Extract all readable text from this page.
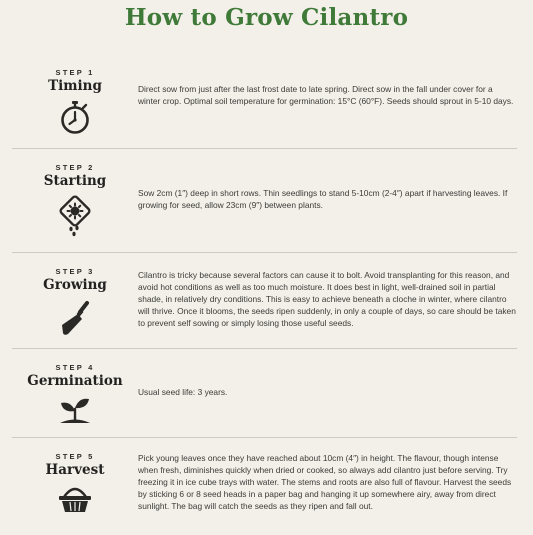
How to Grow Cilantro
STEP 1
Timing	Direct sow from just after the last frost date to late spring. Direct sow in the fall under cover for a winter crop. Optimal soil temperature for germination: 15°C (60°F). Seeds should sprout in 5-10 days.
STEP 2
Starting
Sow 2cm (1″) deep in short rows. Thin seedlings to stand 5-10cm (2-4″) apart if harvesting leaves. If growing for seed, allow 23cm (9″) between plants.
STEP 3
Growing
Cilantro is tricky because several factors can cause it to bolt. Avoid transplanting for this reason, and avoid hot conditions as well as too much moisture. It does best in light, well-drained soil in partial shade, in relatively dry conditions. This is easy to achieve beneath a cloche in winter, where cilantro will thrive. Once it blooms, the seeds ripen suddenly, in only a couple of days, so care should be taken to prevent self sowing or simply losing those useful seeds.
STEP 4
Germination
Usual seed life: 3 years.
STEP 5
Harvest
Pick young leaves once they have reached about 10cm (4″) in height. The flavour, though intense when fresh, diminishes quickly when dried or cooked, so always add cilantro just before serving. Try freezing it in ice cube trays with water. The stems and roots are also full of flavour. Harvest the seeds by sticking 6 or 8 seed heads in a paper bag and hanging it up somewhere airy, away from direct sunlight. The bag will catch the seeds as they ripen and fall out.
